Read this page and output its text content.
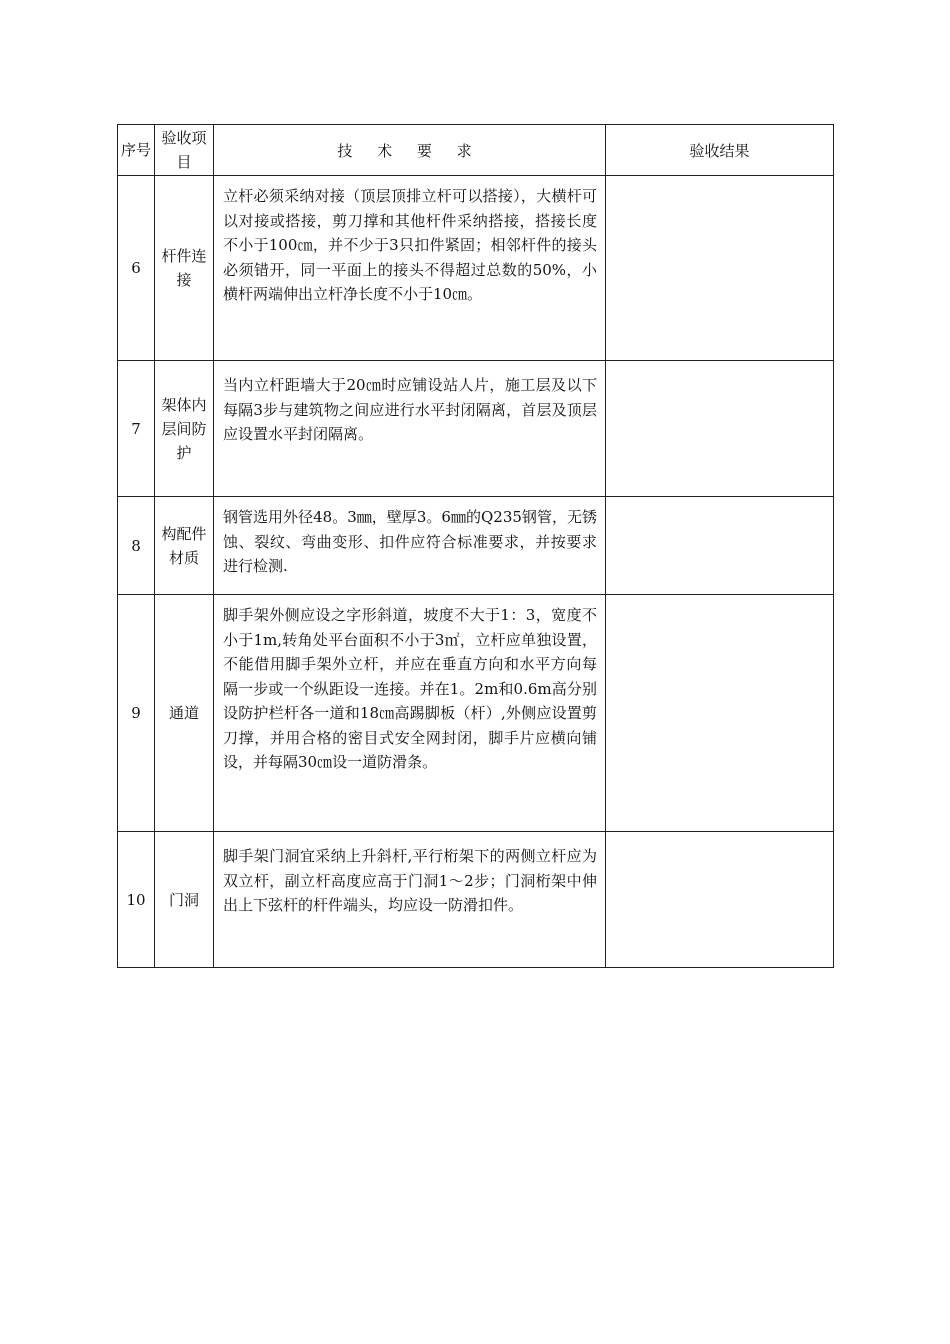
序号	验收项目	技 术 要 求	验收结果
6	杆件连接	立杆必须采纳对接（顶层顶排立杆可以搭接），大横杆可以对接或搭接，剪刀撑和其他杆件采纳搭接，搭接长度不小于100㎝，并不少于3只扣件紧固；相邻杆件的接头必须错开，同一平面上的接头不得超过总数的50%，小横杆两端伸出立杆净长度不小于10㎝。	

7	架体内层间防护	当内立杆距墙大于20㎝时应铺设站人片，施工层及以下每隔3步与建筑物之间应进行水平封闭隔离，首层及顶层应设置水平封闭隔离。	

8	构配件材质	钢管选用外径48。3㎜，壁厚3。6㎜的Q235钢管，无锈蚀、裂纹、弯曲变形、扣件应符合标准要求，并按要求进行检测.	

9	通道	脚手架外侧应设之字形斜道，坡度不大于1：3，宽度不小于1m,转角处平台面积不小于3㎡，立杆应单独设置，不能借用脚手架外立杆，并应在垂直方向和水平方向每隔一步或一个纵距设一连接。并在1。2m和0.6m高分别设防护栏杆各一道和18㎝高踢脚板（杆）,外侧应设置剪刀撑，并用合格的密目式安全网封闭，脚手片应横向铺设，并每隔30㎝设一道防滑条。	

10	门洞	脚手架门洞宜采纳上升斜杆,平行桁架下的两侧立杆应为双立杆，副立杆高度应高于门洞1～2步；门洞桁架中伸出上下弦杆的杆件端头，均应设一防滑扣件。	
